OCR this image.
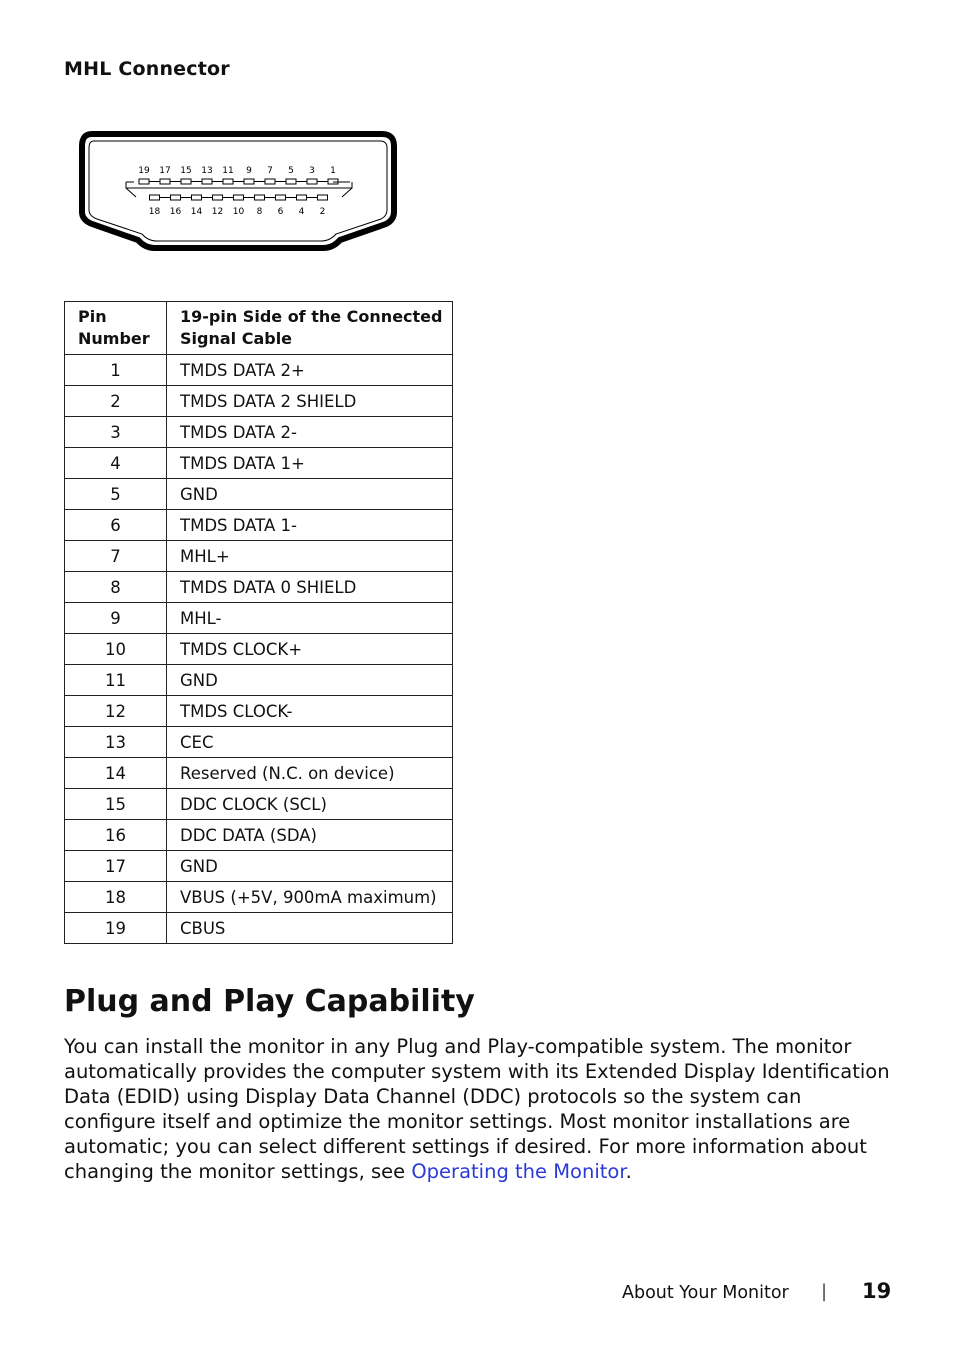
MHL Connector
19 17 15 13 11 9 7 5 3 1
18 16 14 12 10 8 6 4 2
Pin Number	19-pin Side of the Connected Signal Cable
1	TMDS DATA 2+
2	TMDS DATA 2 SHIELD
3	TMDS DATA 2-
4	TMDS DATA 1+
5	GND
6	TMDS DATA 1-
7	MHL+
8	TMDS DATA 0 SHIELD
9	MHL-
10	TMDS CLOCK+
11	GND
12	TMDS CLOCK-
13	CEC
14	Reserved (N.C. on device)
15	DDC CLOCK (SCL)
16	DDC DATA (SDA)
17	GND
18	VBUS (+5V, 900mA maximum)
19	CBUS
Plug and Play Capability

You can install the monitor in any Plug and Play-compatible system. The monitor automatically provides the computer system with its Extended Display Identification Data (EDID) using Display Data Channel (DDC) protocols so the system can configure itself and optimize the monitor settings. Most monitor installations are automatic; you can select different settings if desired. For more information about changing the monitor settings, see Operating the Monitor.

About Your Monitor | 19
